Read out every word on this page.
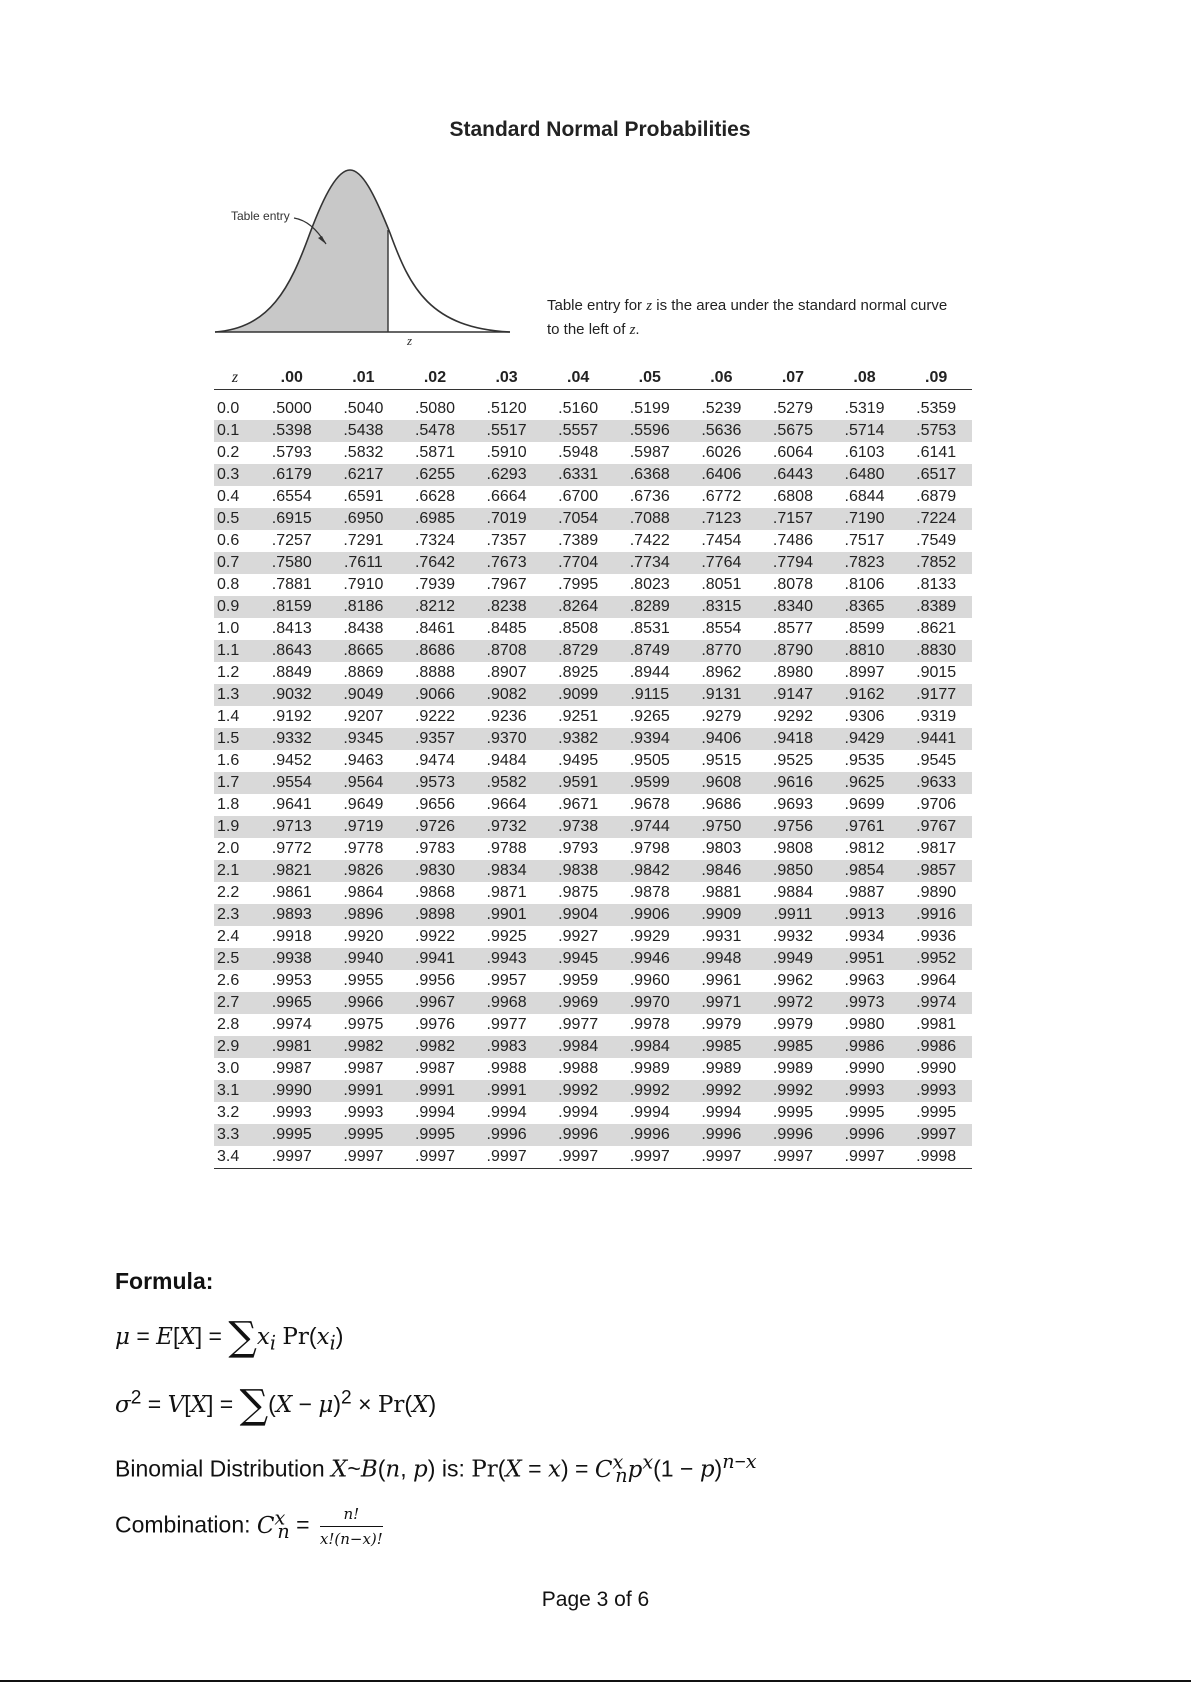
Standard Normal Probabilities
Table entry
z
Table entry for z is the area under the standard normal curve
to the left of z.
z	.00	.01	.02	.03	.04	.05	.06	.07	.08	.09
0.0	.5000	.5040	.5080	.5120	.5160	.5199	.5239	.5279	.5319	.5359
0.1	.5398	.5438	.5478	.5517	.5557	.5596	.5636	.5675	.5714	.5753
0.2	.5793	.5832	.5871	.5910	.5948	.5987	.6026	.6064	.6103	.6141
0.3	.6179	.6217	.6255	.6293	.6331	.6368	.6406	.6443	.6480	.6517
0.4	.6554	.6591	.6628	.6664	.6700	.6736	.6772	.6808	.6844	.6879
0.5	.6915	.6950	.6985	.7019	.7054	.7088	.7123	.7157	.7190	.7224
0.6	.7257	.7291	.7324	.7357	.7389	.7422	.7454	.7486	.7517	.7549
0.7	.7580	.7611	.7642	.7673	.7704	.7734	.7764	.7794	.7823	.7852
0.8	.7881	.7910	.7939	.7967	.7995	.8023	.8051	.8078	.8106	.8133
0.9	.8159	.8186	.8212	.8238	.8264	.8289	.8315	.8340	.8365	.8389
1.0	.8413	.8438	.8461	.8485	.8508	.8531	.8554	.8577	.8599	.8621
1.1	.8643	.8665	.8686	.8708	.8729	.8749	.8770	.8790	.8810	.8830
1.2	.8849	.8869	.8888	.8907	.8925	.8944	.8962	.8980	.8997	.9015
1.3	.9032	.9049	.9066	.9082	.9099	.9115	.9131	.9147	.9162	.9177
1.4	.9192	.9207	.9222	.9236	.9251	.9265	.9279	.9292	.9306	.9319
1.5	.9332	.9345	.9357	.9370	.9382	.9394	.9406	.9418	.9429	.9441
1.6	.9452	.9463	.9474	.9484	.9495	.9505	.9515	.9525	.9535	.9545
1.7	.9554	.9564	.9573	.9582	.9591	.9599	.9608	.9616	.9625	.9633
1.8	.9641	.9649	.9656	.9664	.9671	.9678	.9686	.9693	.9699	.9706
1.9	.9713	.9719	.9726	.9732	.9738	.9744	.9750	.9756	.9761	.9767
2.0	.9772	.9778	.9783	.9788	.9793	.9798	.9803	.9808	.9812	.9817
2.1	.9821	.9826	.9830	.9834	.9838	.9842	.9846	.9850	.9854	.9857
2.2	.9861	.9864	.9868	.9871	.9875	.9878	.9881	.9884	.9887	.9890
2.3	.9893	.9896	.9898	.9901	.9904	.9906	.9909	.9911	.9913	.9916
2.4	.9918	.9920	.9922	.9925	.9927	.9929	.9931	.9932	.9934	.9936
2.5	.9938	.9940	.9941	.9943	.9945	.9946	.9948	.9949	.9951	.9952
2.6	.9953	.9955	.9956	.9957	.9959	.9960	.9961	.9962	.9963	.9964
2.7	.9965	.9966	.9967	.9968	.9969	.9970	.9971	.9972	.9973	.9974
2.8	.9974	.9975	.9976	.9977	.9977	.9978	.9979	.9979	.9980	.9981
2.9	.9981	.9982	.9982	.9983	.9984	.9984	.9985	.9985	.9986	.9986
3.0	.9987	.9987	.9987	.9988	.9988	.9989	.9989	.9989	.9990	.9990
3.1	.9990	.9991	.9991	.9991	.9992	.9992	.9992	.9992	.9993	.9993
3.2	.9993	.9993	.9994	.9994	.9994	.9994	.9994	.9995	.9995	.9995
3.3	.9995	.9995	.9995	.9996	.9996	.9996	.9996	.9996	.9996	.9997
3.4	.9997	.9997	.9997	.9997	.9997	.9997	.9997	.9997	.9997	.9998
Formula:
$\mu = E[X] = \sum x_i$ $Pr(x_i)$
$\sigma^2 = V[X] = \sum(X - \mu)^2 \times Pr(X)$
Binomial Distribution X~B(n, p) is: $Pr(X = x) = C^x_np^x(1 - p)^{n-x}$
Combination: $C^x_n = \frac{n!}{x!(n-x)!}$
Page 3 of 6
